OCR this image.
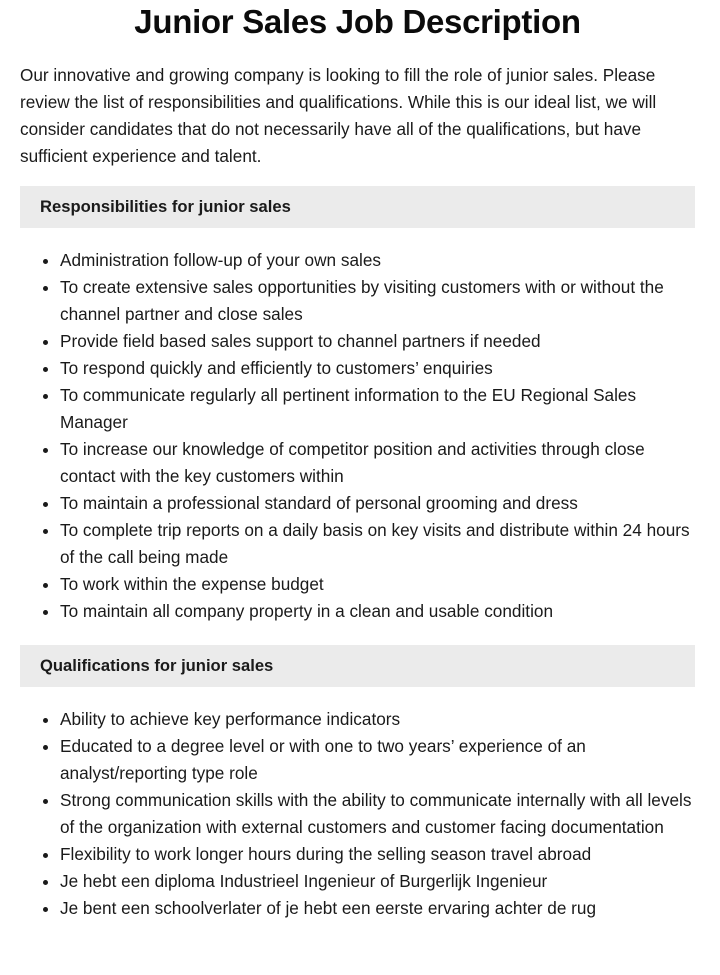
Junior Sales Job Description

Our innovative and growing company is looking to fill the role of junior sales. Please review the list of responsibilities and qualifications. While this is our ideal list, we will consider candidates that do not necessarily have all of the qualifications, but have sufficient experience and talent.

Responsibilities for junior sales
Administration follow-up of your own sales
To create extensive sales opportunities by visiting customers with or without the channel partner and close sales
Provide field based sales support to channel partners if needed
To respond quickly and efficiently to customers’ enquiries
To communicate regularly all pertinent information to the EU Regional Sales Manager
To increase our knowledge of competitor position and activities through close contact with the key customers within
To maintain a professional standard of personal grooming and dress
To complete trip reports on a daily basis on key visits and distribute within 24 hours of the call being made
To work within the expense budget
To maintain all company property in a clean and usable condition
Qualifications for junior sales
Ability to achieve key performance indicators
Educated to a degree level or with one to two years’ experience of an analyst/reporting type role
Strong communication skills with the ability to communicate internally with all levels of the organization with external customers and customer facing documentation
Flexibility to work longer hours during the selling season travel abroad
Je hebt een diploma Industrieel Ingenieur of Burgerlijk Ingenieur
Je bent een schoolverlater of je hebt een eerste ervaring achter de rug
